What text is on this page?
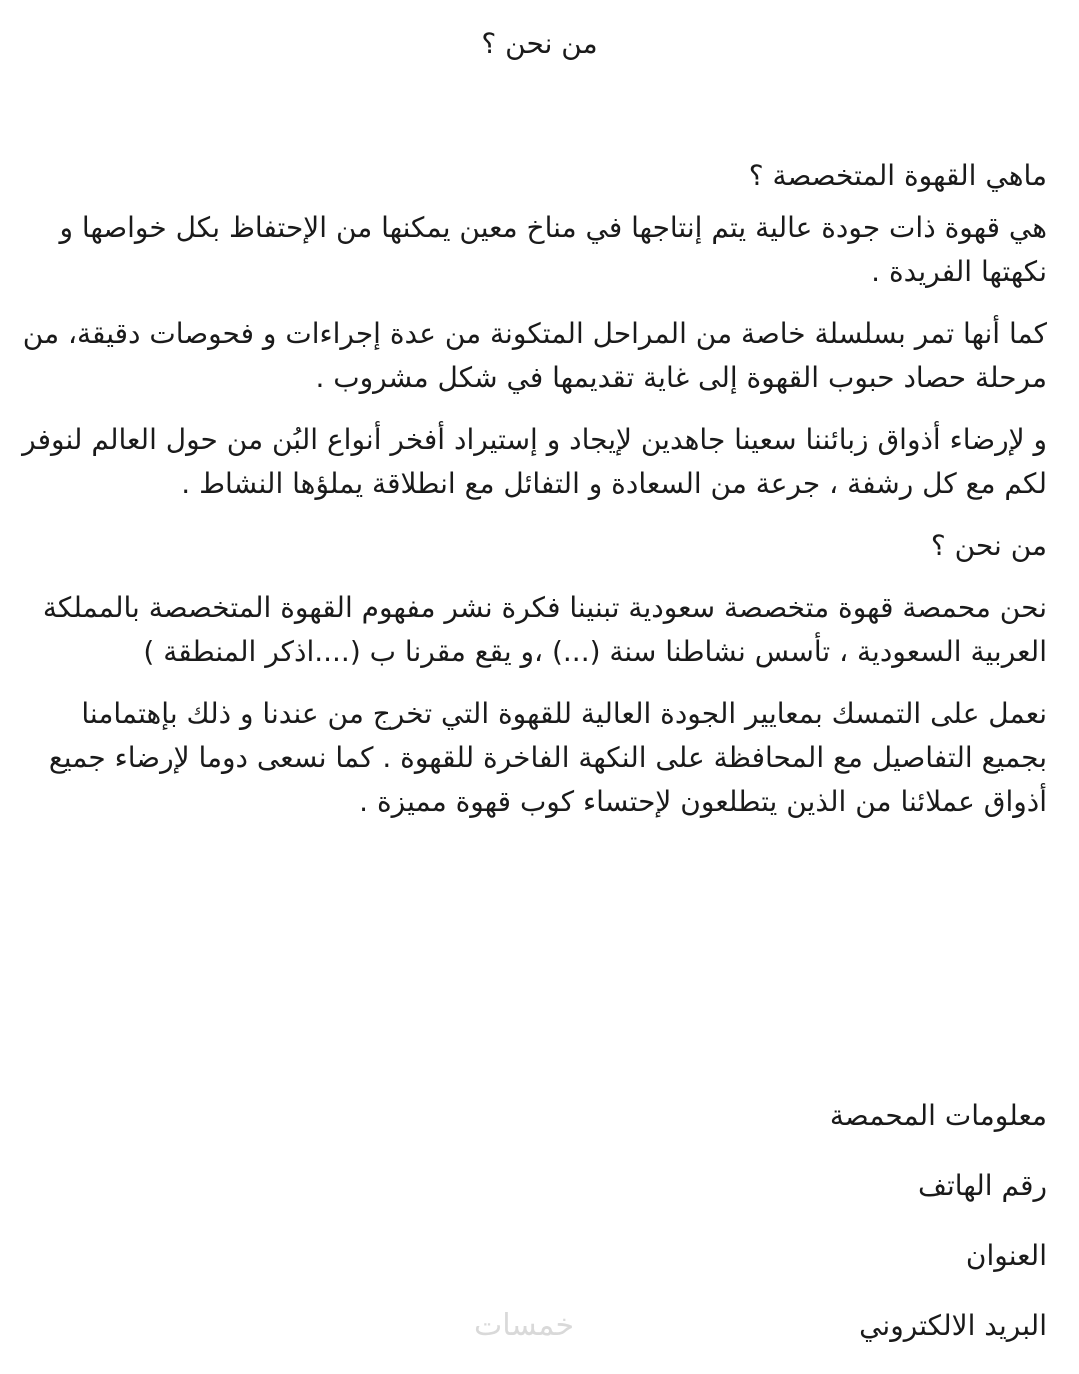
من نحن ؟

ماهي القهوة المتخصصة ؟

هي قهوة ذات جودة عالية يتم إنتاجها في مناخ معين يمكنها من الإحتفاظ بكل خواصها و نكهتها الفريدة .

كما أنها تمر بسلسلة خاصة من المراحل المتكونة من عدة إجراءات و فحوصات دقيقة، من مرحلة حصاد حبوب القهوة إلى غاية تقديمها في شكل مشروب .

و لإرضاء أذواق زبائننا سعينا جاهدين لإيجاد و إستيراد أفخر أنواع البُن من حول العالم لنوفر لكم مع كل رشفة ، جرعة من السعادة و التفائل مع انطلاقة يملؤها النشاط .

من نحن ؟

نحن محمصة قهوة متخصصة سعودية تبنينا فكرة نشر مفهوم القهوة المتخصصة بالمملكة العربية السعودية ، تأسس نشاطنا سنة (...) ،و يقع مقرنا ب (....اذكر المنطقة )

نعمل على التمسك بمعايير الجودة العالية للقهوة التي تخرج من عندنا و ذلك بإهتمامنا بجميع التفاصيل مع المحافظة على النكهة الفاخرة للقهوة . كما نسعى دوما لإرضاء جميع أذواق عملائنا من الذين يتطلعون لإحتساء كوب قهوة مميزة .

معلومات المحمصة

رقم الهاتف

العنوان

البريد الالكتروني

خمسات
